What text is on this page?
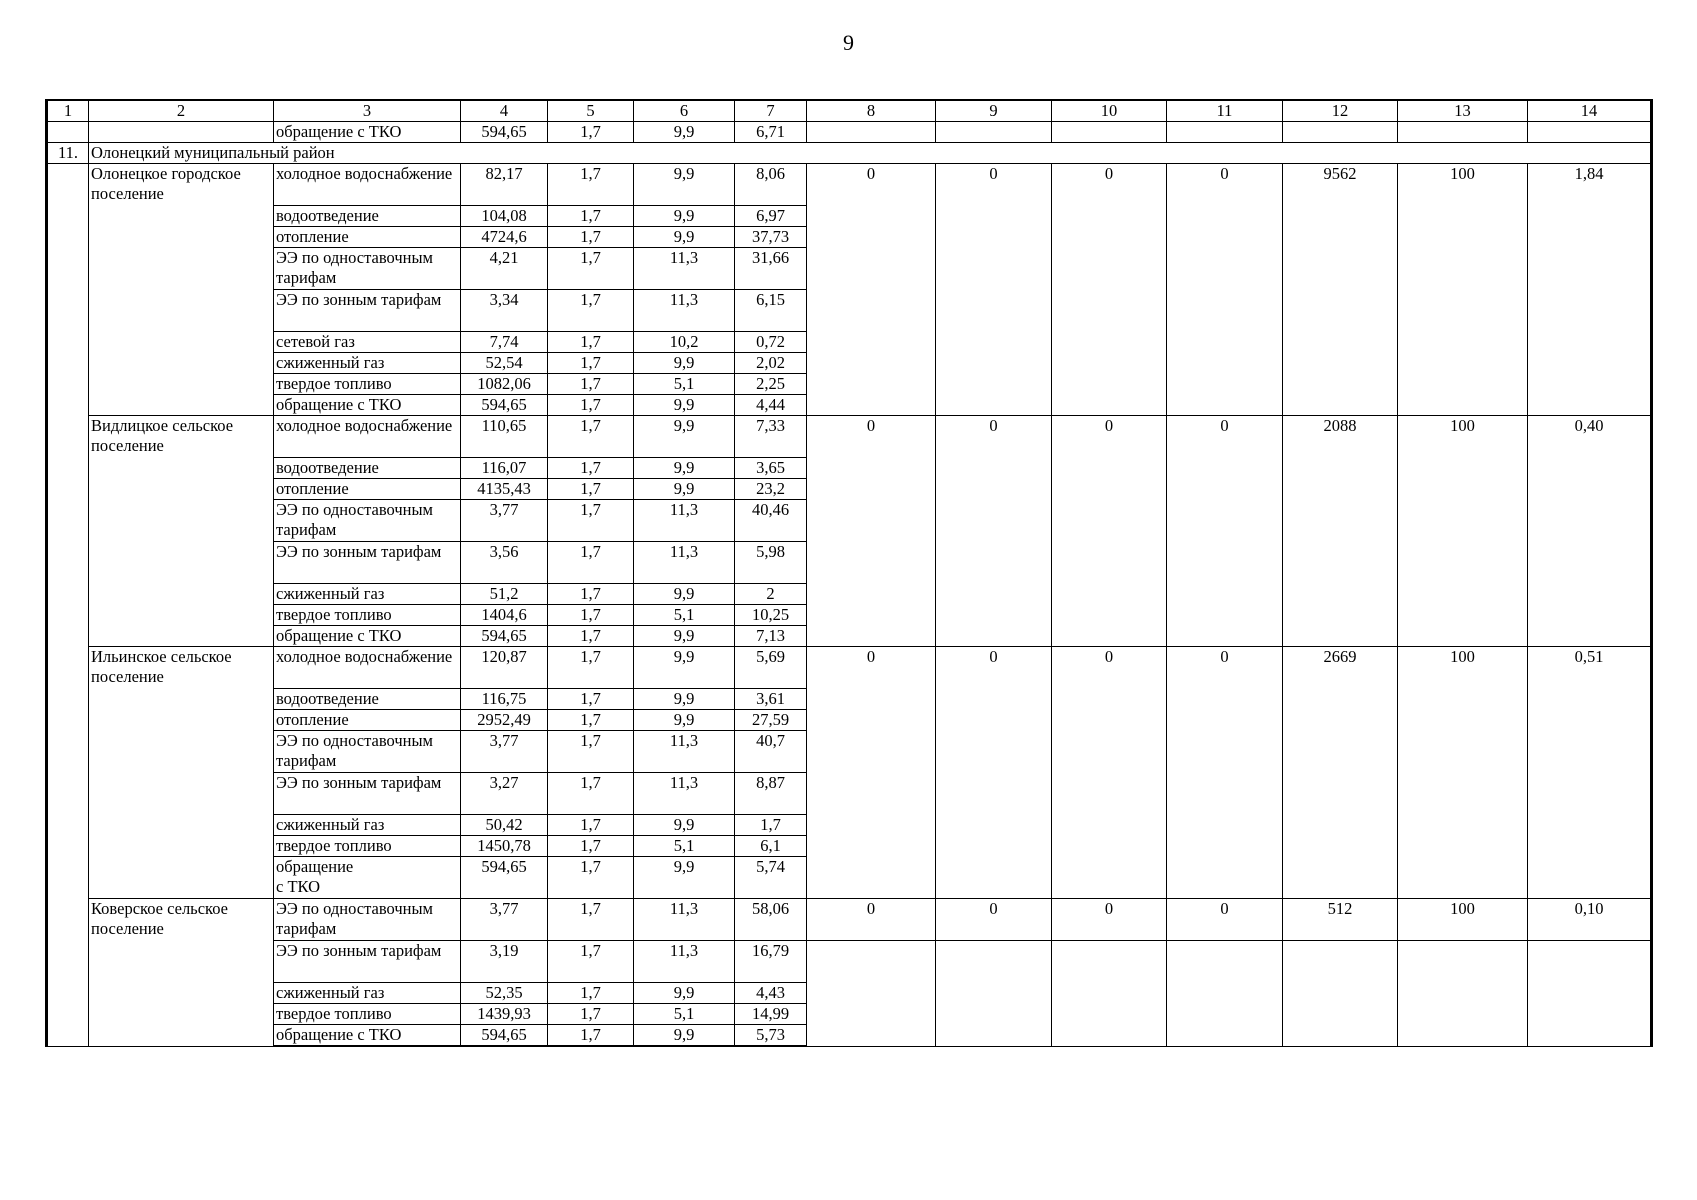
9
1	2	3	4	5	6	7	8	9	10	11	12	13	14
		обращение с ТКО	594,65	1,7	9,9	6,71							
11.	Олонецкий муниципальный район												
	Олонецкое городское поселение	холодное водоснабжение	82,17	1,7	9,9	8,06	0	0	0	0	9562	100	1,84
		водоотведение	104,08	1,7	9,9	6,97							
		отопление	4724,6	1,7	9,9	37,73							
		ЭЭ по одноставочным тарифам	4,21	1,7	11,3	31,66							
		ЭЭ по зонным тарифам	3,34	1,7	11,3	6,15							
		сетевой газ	7,74	1,7	10,2	0,72							
		сжиженный газ	52,54	1,7	9,9	2,02							
		твердое топливо	1082,06	1,7	5,1	2,25							
		обращение с ТКО	594,65	1,7	9,9	4,44							
	Видлицкое сельское поселение	холодное водоснабжение	110,65	1,7	9,9	7,33	0	0	0	0	2088	100	0,40
		водоотведение	116,07	1,7	9,9	3,65							
		отопление	4135,43	1,7	9,9	23,2							
		ЭЭ по одноставочным тарифам	3,77	1,7	11,3	40,46							
		ЭЭ по зонным тарифам	3,56	1,7	11,3	5,98							
		сжиженный газ	51,2	1,7	9,9	2							
		твердое топливо	1404,6	1,7	5,1	10,25							
		обращение с ТКО	594,65	1,7	9,9	7,13							
	Ильинское сельское поселение	холодное водоснабжение	120,87	1,7	9,9	5,69	0	0	0	0	2669	100	0,51
		водоотведение	116,75	1,7	9,9	3,61							
		отопление	2952,49	1,7	9,9	27,59							
		ЭЭ по одноставочным тарифам	3,77	1,7	11,3	40,7							
		ЭЭ по зонным тарифам	3,27	1,7	11,3	8,87							
		сжиженный газ	50,42	1,7	9,9	1,7							
		твердое топливо	1450,78	1,7	5,1	6,1							
		обращение с ТКО	594,65	1,7	9,9	5,74							
	Коверское сельское поселение	ЭЭ по одноставочным тарифам	3,77	1,7	11,3	58,06	0	0	0	0	512	100	0,10
		ЭЭ по зонным тарифам	3,19	1,7	11,3	16,79							
		сжиженный газ	52,35	1,7	9,9	4,43							
		твердое топливо	1439,93	1,7	5,1	14,99							
		обращение с ТКО	594,65	1,7	9,9	5,73							
